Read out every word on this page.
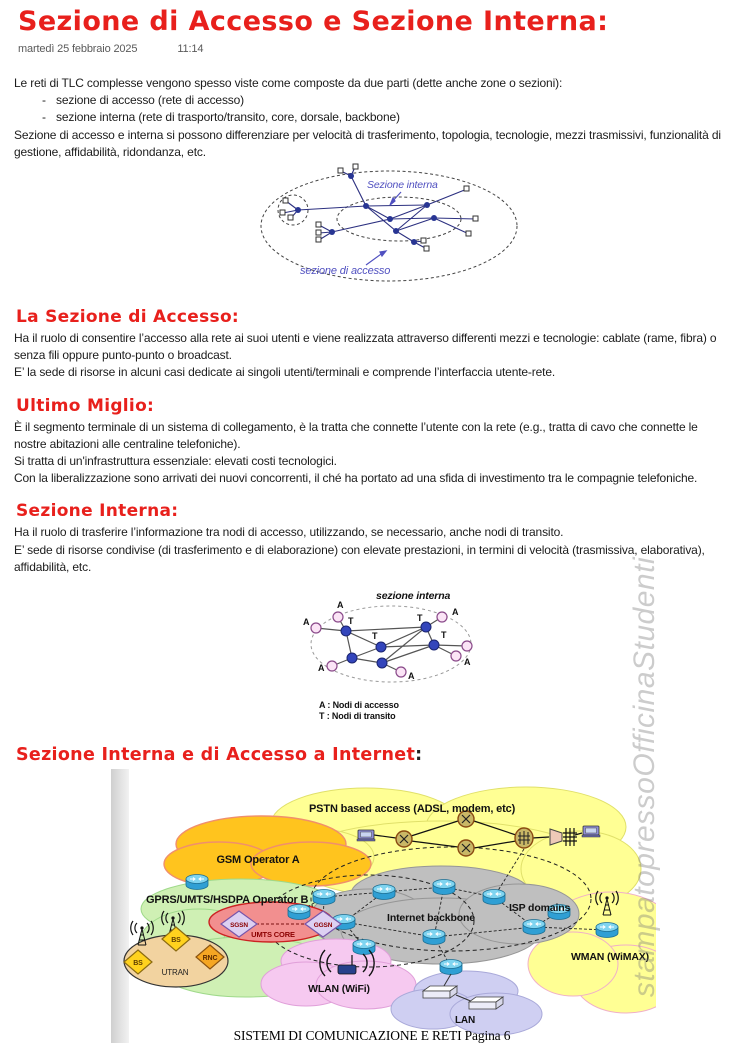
Sezione di Accesso e Sezione Interna:
martedì 25 febbraio 2025	11:14

Le reti di TLC complesse vengono spesso viste come composte da due parti (dette anche zone o sezioni):

- sezione di accesso (rete di accesso)
- sezione interna (rete di trasporto/transito, core, dorsale, backbone)

Sezione di accesso e interna si possono differenziare per velocità di trasferimento, topologia, tecnologie, mezzi trasmissivi, funzionalità di gestione, affidabilità, ridondanza, etc.

Sezione interna
sezione di accesso
La Sezione di Accesso:

Ha il ruolo di consentire l’accesso alla rete ai suoi utenti e viene realizzata attraverso differenti mezzi e tecnologie: cablate (rame, fibra) o senza fili oppure punto-punto o broadcast.

E’ la sede di risorse in alcuni casi dedicate ai singoli utenti/terminali e comprende l’interfaccia utente-rete.

Ultimo Miglio:

È il segmento terminale di un sistema di collegamento, è la tratta che connette l’utente con la rete (e.g., tratta di cavo che connette le nostre abitazioni alle centraline telefoniche).

Si tratta di un'infrastruttura essenziale: elevati costi tecnologici.

Con la liberalizzazione sono arrivati dei nuovi concorrenti, il ché ha portato ad una sfida di investimento tra le compagnie telefoniche.

Sezione Interna:

Ha il ruolo di trasferire l’informazione tra nodi di accesso, utilizzando, se necessario, anche nodi di transito.

E’ sede di risorse condivise (di trasferimento e di elaborazione) con elevate prestazioni, in termini di velocità (trasmissiva, elaborativa), affidabilità, etc.

sezione interna
T
T
T
T
A
A
A
A
A
A
A : Nodi di accesso
T : Nodi di transito
Sezione Interna e di Accesso a Internet:
BS
BS
RNC
SGSN	GGSN
PSTN based access (ADSL, modem, etc)
GSM Operator A
GPRS/UMTS/HSDPA Operator B
UTRAN
UMTS CORE
Internet backbone
ISP domains
WMAN (WiMAX)
WLAN (WiFi)
LAN
stampatopressoOfficinaStudenti
SISTEMI DI COMUNICAZIONE E RETI Pagina 6
